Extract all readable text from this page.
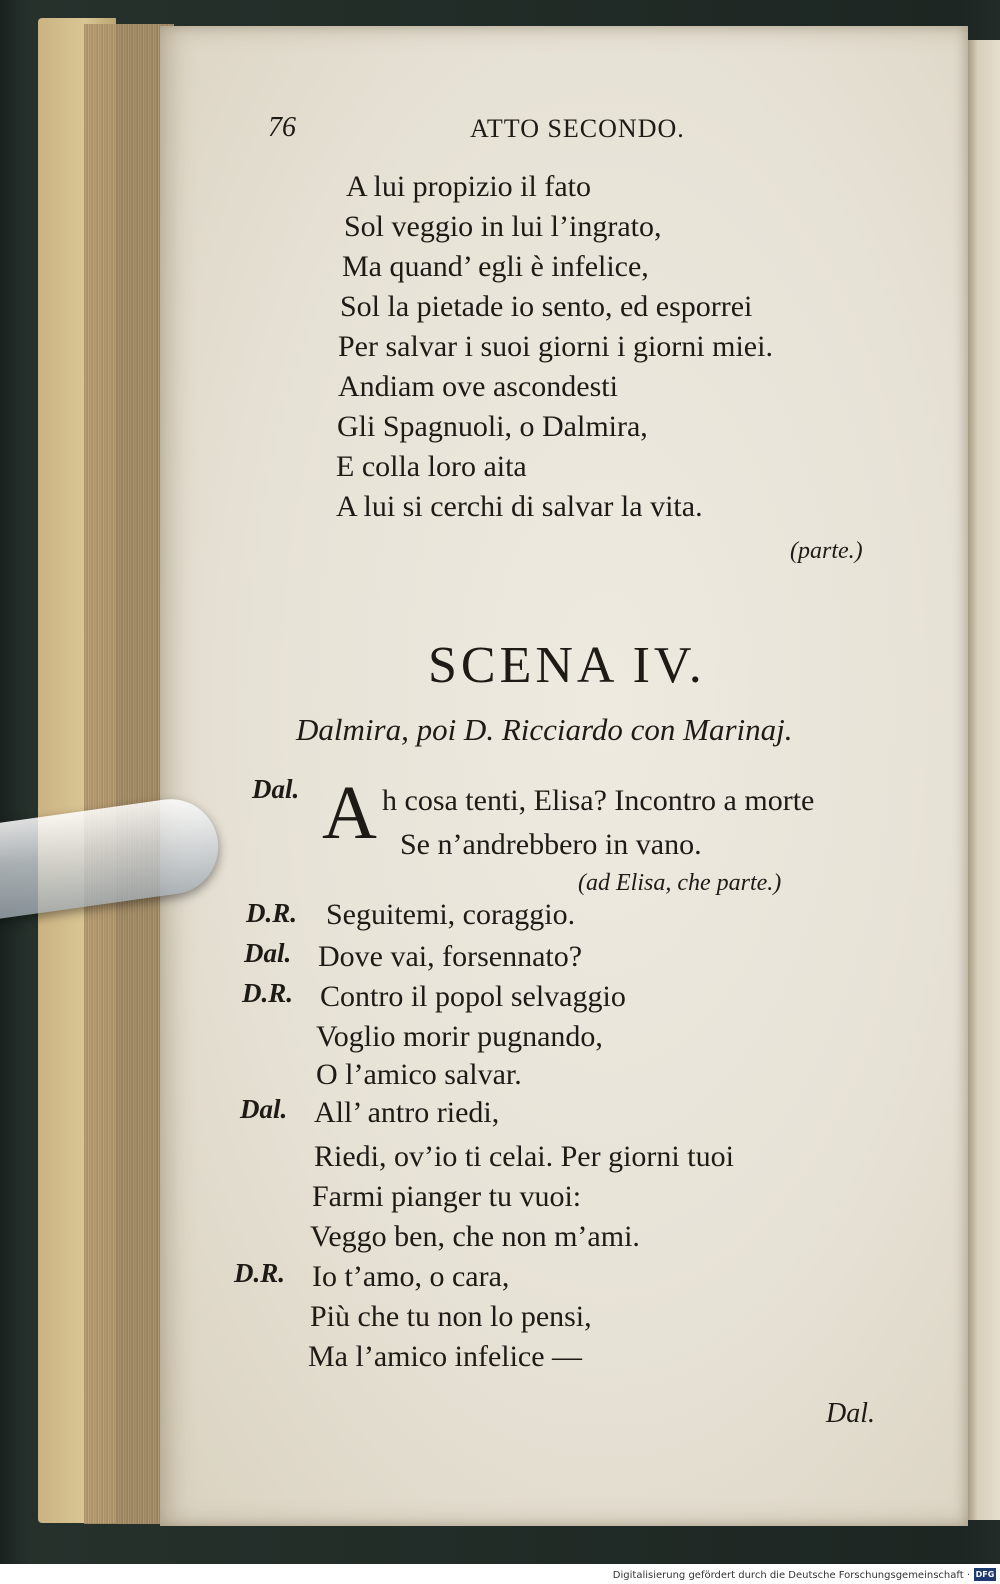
76	ATTO SECONDO.
A lui propizio il fato
Sol veggio in lui l’ingrato,
Ma quand’ egli è infelice,
Sol la pietade io sento, ed esporrei
Per salvar i suoi giorni i giorni miei.
Andiam ove ascondesti
Gli Spagnuoli, o Dalmira,
E colla loro aita
A lui si cerchi di salvar la vita.
(parte.)
SCENA IV.
Dalmira, poi D. Ricciardo con Marinaj.
Dal. A h cosa tenti, Elisa? Incontro a morte
Se n’andrebbero in vano.
(ad Elisa, che parte.)
D.R. Seguitemi, coraggio.
Dal. Dove vai, forsennato?
D.R. Contro il popol selvaggio
Voglio morir pugnando,
O l’amico salvar.
Dal. All’ antro riedi,
Riedi, ov’io ti celai. Per giorni tuoi
Farmi pianger tu vuoi:
Veggo ben, che non m’ami.
D.R. Io t’amo, o cara,
Più che tu non lo pensi,
Ma l’amico infelice —
Dal.
Digitalisierung gefördert durch die Deutsche Forschungsgemeinschaft · DFG
